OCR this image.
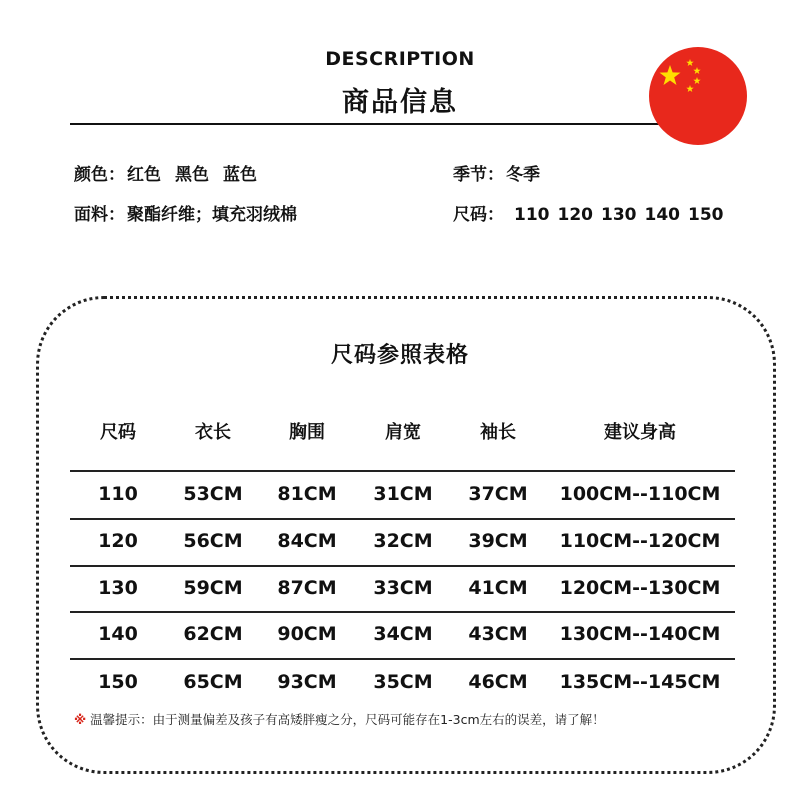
DESCRIPTION
商品信息
颜色： 红色 黑色 蓝色
面料： 聚酯纤维；填充羽绒棉
季节： 冬季
尺码： 110 120 130 140 150
尺码参照表格
尺码	衣长	胸围	肩宽	袖长	建议身高
110 53CM 81CM 31CM 37CM 100CM--110CM
120 56CM 84CM 32CM 39CM 110CM--120CM
130 59CM 87CM 33CM 41CM 120CM--130CM
140 62CM 90CM 34CM 43CM 130CM--140CM
150 65CM 93CM 35CM 46CM 135CM--145CM
※ 温馨提示：由于测量偏差及孩子有高矮胖瘦之分，尺码可能存在1-3cm左右的误差，请了解！
